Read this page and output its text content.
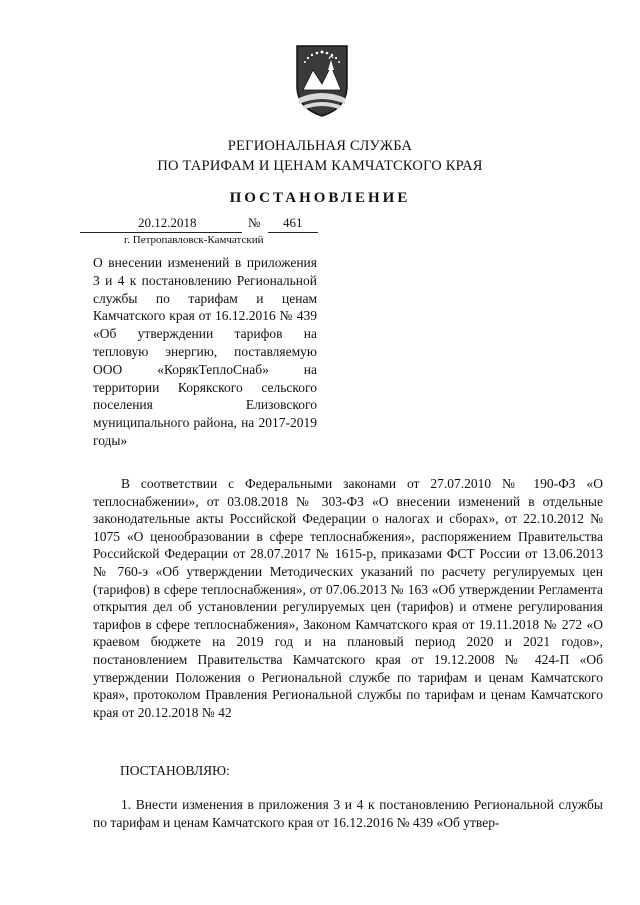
РЕГИОНАЛЬНАЯ СЛУЖБА
ПО ТАРИФАМ И ЦЕНАМ КАМЧАТСКОГО КРАЯ
ПОСТАНОВЛЕНИЕ
20.12.2018	№ 461
г. Петропавловск-Камчатский
О внесении изменений в приложения 3 и 4 к постановлению Региональной службы по тарифам и ценам Камчатского края от 16.12.2016 № 439 «Об утверждении тарифов на тепловую энергию, поставляемую ООО «КорякТеплоСнаб» на территории Корякского сельского поселения Елизовского муниципального района, на 2017-2019 годы»
В соответствии с Федеральными законами от 27.07.2010 № 190-ФЗ «О теплоснабжении», от 03.08.2018 № 303-ФЗ «О внесении изменений в отдельные законодательные акты Российской Федерации о налогах и сборах», от 22.10.2012 № 1075 «О ценообразовании в сфере теплоснабжения», распоряжением Правительства Российской Федерации от 28.07.2017 № 1615-р, приказами ФСТ России от 13.06.2013 № 760-э «Об утверждении Методических указаний по расчету регулируемых цен (тарифов) в сфере теплоснабжения», от 07.06.2013 № 163 «Об утверждении Регламента открытия дел об установлении регулируемых цен (тарифов) и отмене регулирования тарифов в сфере теплоснабжения», Законом Камчатского края от 19.11.2018 № 272 «О краевом бюджете на 2019 год и на плановый период 2020 и 2021 годов», постановлением Правительства Камчатского края от 19.12.2008 № 424-П «Об утверждении Положения о Региональной службе по тарифам и ценам Камчатского края», протоколом Правления Региональной службы по тарифам и ценам Камчатского края от 20.12.2018 № 42
ПОСТАНОВЛЯЮ:
1. Внести изменения в приложения 3 и 4 к постановлению Региональной службы по тарифам и ценам Камчатского края от 16.12.2016 № 439 «Об утвер-
